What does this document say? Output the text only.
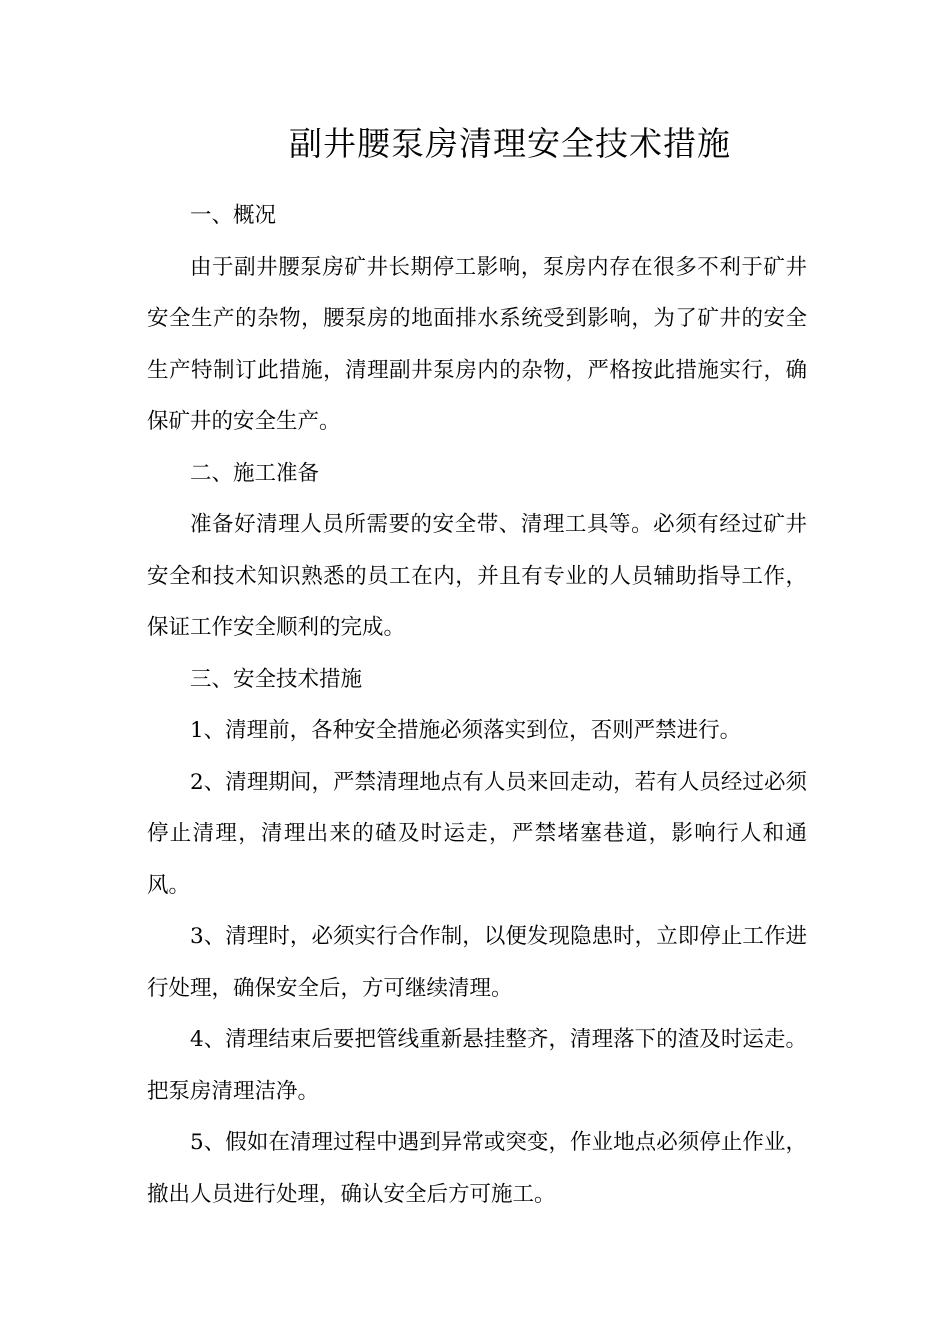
副井腰泵房清理安全技术措施

一、概况

由于副井腰泵房矿井长期停工影响，泵房内存在很多不利于矿井安全生产的杂物，腰泵房的地面排水系统受到影响，为了矿井的安全生产特制订此措施，清理副井泵房内的杂物，严格按此措施实行，确保矿井的安全生产。

二、施工准备

准备好清理人员所需要的安全带、清理工具等。必须有经过矿井安全和技术知识熟悉的员工在内，并且有专业的人员辅助指导工作，保证工作安全顺利的完成。

三、安全技术措施

1、清理前，各种安全措施必须落实到位，否则严禁进行。

2、清理期间，严禁清理地点有人员来回走动，若有人员经过必须停止清理，清理出来的碴及时运走，严禁堵塞巷道，影响行人和通风。

3、清理时，必须实行合作制，以便发现隐患时，立即停止工作进行处理，确保安全后，方可继续清理。

4、清理结束后要把管线重新悬挂整齐，清理落下的渣及时运走。把泵房清理洁净。

5、假如在清理过程中遇到异常或突变，作业地点必须停止作业，撤出人员进行处理，确认安全后方可施工。
